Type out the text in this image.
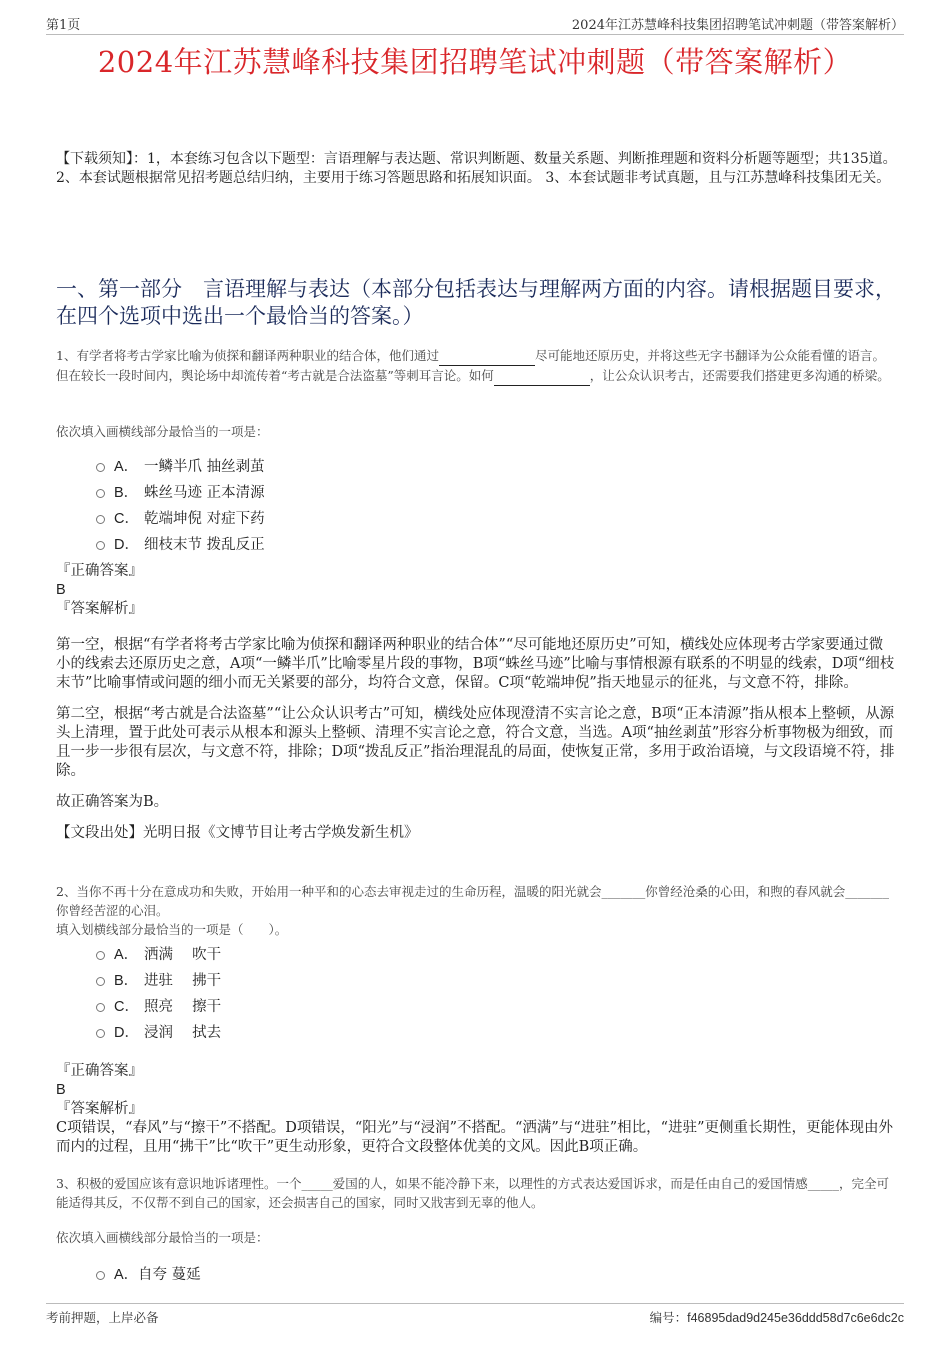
第1页	2024年江苏慧峰科技集团招聘笔试冲刺题（带答案解析）
2024年江苏慧峰科技集团招聘笔试冲刺题（带答案解析）
【下载须知】：1，本套练习包含以下题型：言语理解与表达题、常识判断题、数量关系题、判断推理题和资料分析题等题型；共135道。 2、本套试题根据常见招考题总结归纳，主要用于练习答题思路和拓展知识面。 3、本套试题非考试真题，且与江苏慧峰科技集团无关。
一、第一部分　言语理解与表达（本部分包括表达与理解两方面的内容。请根据题目要求，在四个选项中选出一个最恰当的答案。）
1、有学者将考古学家比喻为侦探和翻译两种职业的结合体，他们通过	尽可能地还原历史，并将这些无字书翻译为公众能看懂的语言。但在较长一段时间内，舆论场中却流传着“考古就是合法盗墓”等刺耳言论。如何	，让公众认识考古，还需要我们搭建更多沟通的桥梁。
依次填入画横线部分最恰当的一项是：
A． 一鳞半爪 抽丝剥茧
B． 蛛丝马迹 正本清源
C． 乾端坤倪 对症下药
D． 细枝末节 拨乱反正
『正确答案』
B
『答案解析』

第一空，根据“有学者将考古学家比喻为侦探和翻译两种职业的结合体”“尽可能地还原历史”可知，横线处应体现考古学家要通过微小的线索去还原历史之意，A项“一鳞半爪”比喻零星片段的事物，B项“蛛丝马迹”比喻与事情根源有联系的不明显的线索，D项“细枝末节”比喻事情或问题的细小而无关紧要的部分，均符合文意，保留。C项“乾端坤倪”指天地显示的征兆，与文意不符，排除。

第二空，根据“考古就是合法盗墓”“让公众认识考古”可知，横线处应体现澄清不实言论之意，B项“正本清源”指从根本上整顿，从源头上清理，置于此处可表示从根本和源头上整顿、清理不实言论之意，符合文意，当选。A项“抽丝剥茧”形容分析事物极为细致，而且一步一步很有层次，与文意不符，排除；D项“拨乱反正”指治理混乱的局面，使恢复正常，多用于政治语境，与文段语境不符，排除。

故正确答案为B。

【文段出处】光明日报《文博节目让考古学焕发新生机》

2、当你不再十分在意成功和失败，开始用一种平和的心态去审视走过的生命历程，温暖的阳光就会_______你曾经沧桑的心田，和煦的春风就会_______你曾经苦涩的心泪。
填入划横线部分最恰当的一项是（　　）。
A． 洒满　 吹干
B． 进驻　 拂干
C． 照亮　 擦干
D． 浸润　 拭去
『正确答案』
B
『答案解析』
C项错误，“春风”与“擦干”不搭配。D项错误，“阳光”与“浸润”不搭配。“洒满”与“进驻”相比，“进驻”更侧重长期性，更能体现由外而内的过程，且用“拂干”比“吹干”更生动形象，更符合文段整体优美的文风。因此B项正确。
3、积极的爱国应该有意识地诉诸理性。一个_____爱国的人，如果不能冷静下来，以理性的方式表达爱国诉求，而是任由自己的爱国情感_____，完全可能适得其反，不仅帮不到自己的国家，还会损害自己的国家，同时又戕害到无辜的他人。
依次填入画横线部分最恰当的一项是：
A． 自夸 蔓延
考前押题，上岸必备	编号：f46895dad9d245e36ddd58d7c6e6dc2c
